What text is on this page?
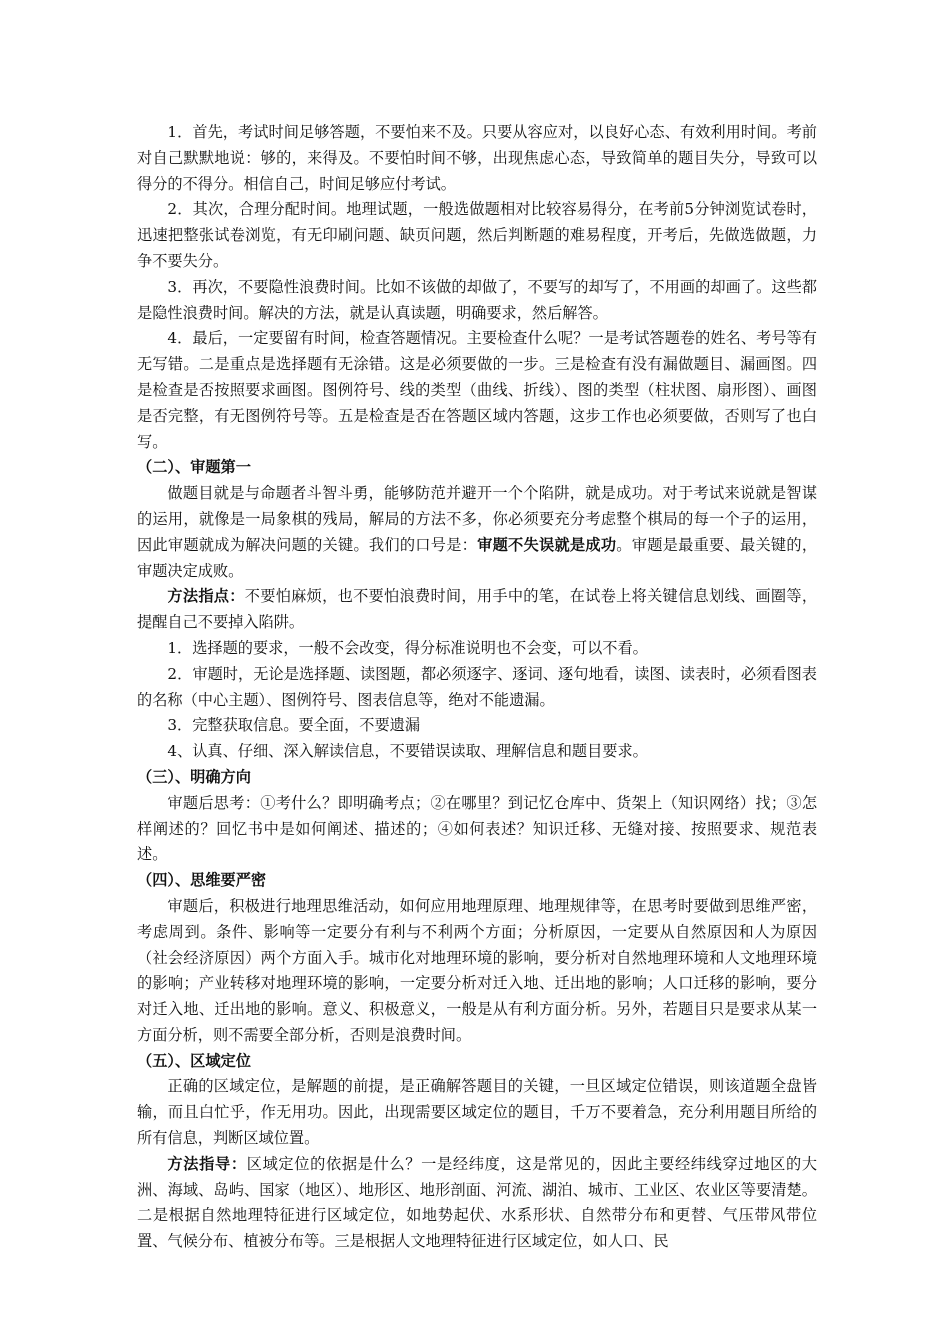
1．首先，考试时间足够答题，不要怕来不及。只要从容应对，以良好心态、有效利用时间。考前对自己默默地说：够的，来得及。不要怕时间不够，出现焦虑心态，导致简单的题目失分，导致可以得分的不得分。相信自己，时间足够应付考试。

2．其次，合理分配时间。地理试题，一般选做题相对比较容易得分，在考前5分钟浏览试卷时，迅速把整张试卷浏览，有无印刷问题、缺页问题，然后判断题的难易程度，开考后，先做选做题，力争不要失分。

3．再次，不要隐性浪费时间。比如不该做的却做了，不要写的却写了，不用画的却画了。这些都是隐性浪费时间。解决的方法，就是认真读题，明确要求，然后解答。

4．最后，一定要留有时间，检查答题情况。主要检查什么呢？一是考试答题卷的姓名、考号等有无写错。二是重点是选择题有无涂错。这是必须要做的一步。三是检查有没有漏做题目、漏画图。四是检查是否按照要求画图。图例符号、线的类型（曲线、折线）、图的类型（柱状图、扇形图）、画图是否完整，有无图例符号等。五是检查是否在答题区域内答题，这步工作也必须要做，否则写了也白写。

（二）、审题第一

做题目就是与命题者斗智斗勇，能够防范并避开一个个陷阱，就是成功。对于考试来说就是智谋的运用，就像是一局象棋的残局，解局的方法不多，你必须要充分考虑整个棋局的每一个子的运用，因此审题就成为解决问题的关键。我们的口号是：审题不失误就是成功。审题是最重要、最关键的，审题决定成败。

方法指点：不要怕麻烦，也不要怕浪费时间，用手中的笔，在试卷上将关键信息划线、画圈等，提醒自己不要掉入陷阱。

1．选择题的要求，一般不会改变，得分标准说明也不会变，可以不看。

2．审题时，无论是选择题、读图题，都必须逐字、逐词、逐句地看，读图、读表时，必须看图表的名称（中心主题）、图例符号、图表信息等，绝对不能遗漏。

3．完整获取信息。要全面，不要遗漏

4、认真、仔细、深入解读信息，不要错误读取、理解信息和题目要求。

（三）、明确方向

审题后思考：①考什么？即明确考点；②在哪里？到记忆仓库中、货架上（知识网络）找；③怎样阐述的？回忆书中是如何阐述、描述的；④如何表述？知识迁移、无缝对接、按照要求、规范表述。

（四）、思维要严密

审题后，积极进行地理思维活动，如何应用地理原理、地理规律等，在思考时要做到思维严密，考虑周到。条件、影响等一定要分有利与不利两个方面；分析原因，一定要从自然原因和人为原因（社会经济原因）两个方面入手。城市化对地理环境的影响，要分析对自然地理环境和人文地理环境的影响；产业转移对地理环境的影响，一定要分析对迁入地、迁出地的影响；人口迁移的影响，要分对迁入地、迁出地的影响。意义、积极意义，一般是从有利方面分析。另外，若题目只是要求从某一方面分析，则不需要全部分析，否则是浪费时间。

（五）、区域定位

正确的区域定位，是解题的前提，是正确解答题目的关键，一旦区域定位错误，则该道题全盘皆输，而且白忙乎，作无用功。因此，出现需要区域定位的题目，千万不要着急，充分利用题目所给的所有信息，判断区域位置。

方法指导：区域定位的依据是什么？一是经纬度，这是常见的，因此主要经纬线穿过地区的大洲、海域、岛屿、国家（地区）、地形区、地形剖面、河流、湖泊、城市、工业区、农业区等要清楚。二是根据自然地理特征进行区域定位，如地势起伏、水系形状、自然带分布和更替、气压带风带位置、气候分布、植被分布等。三是根据人文地理特征进行区域定位，如人口、民
